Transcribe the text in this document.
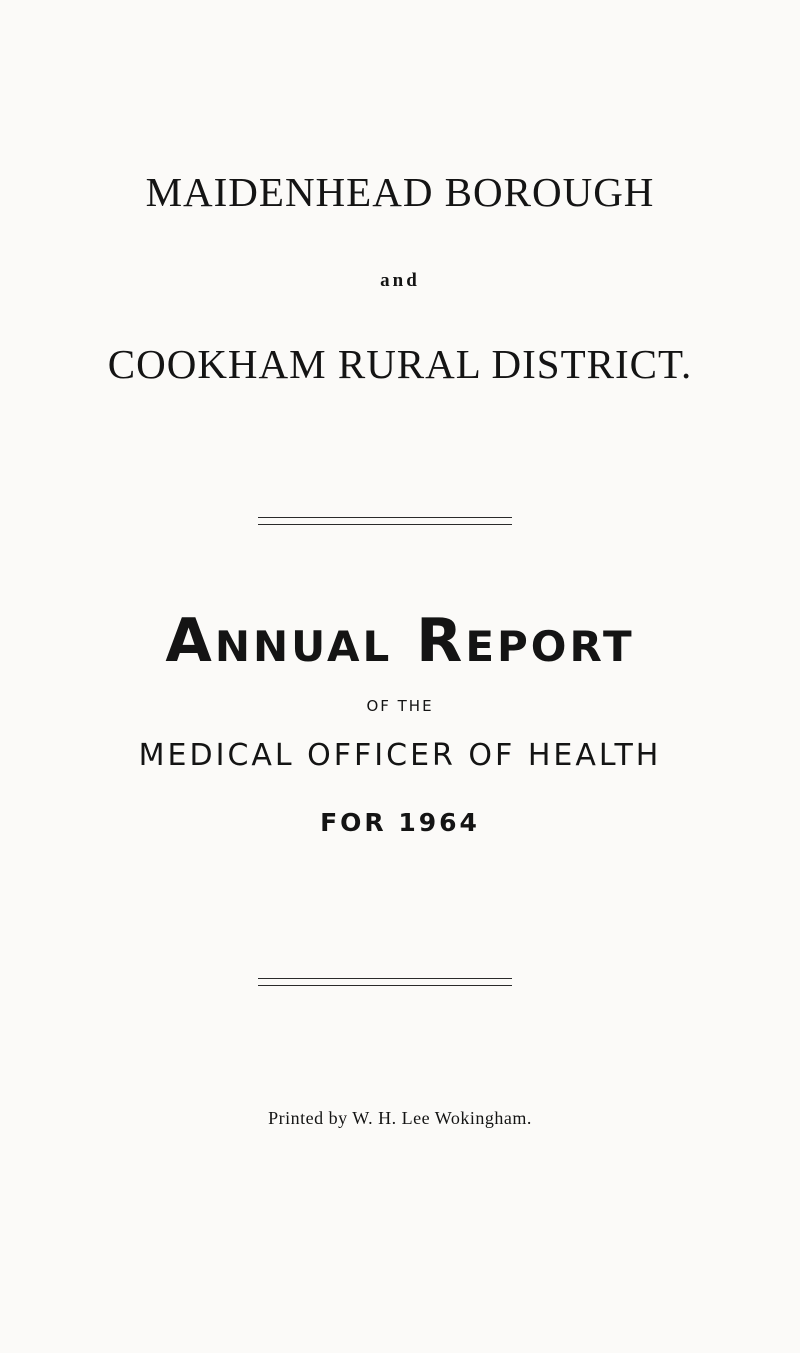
MAIDENHEAD BOROUGH
and
COOKHAM RURAL DISTRICT.
Annual Report
OF THE
MEDICAL OFFICER OF HEALTH
FOR 1964
Printed by W. H. Lee Wokingham.
